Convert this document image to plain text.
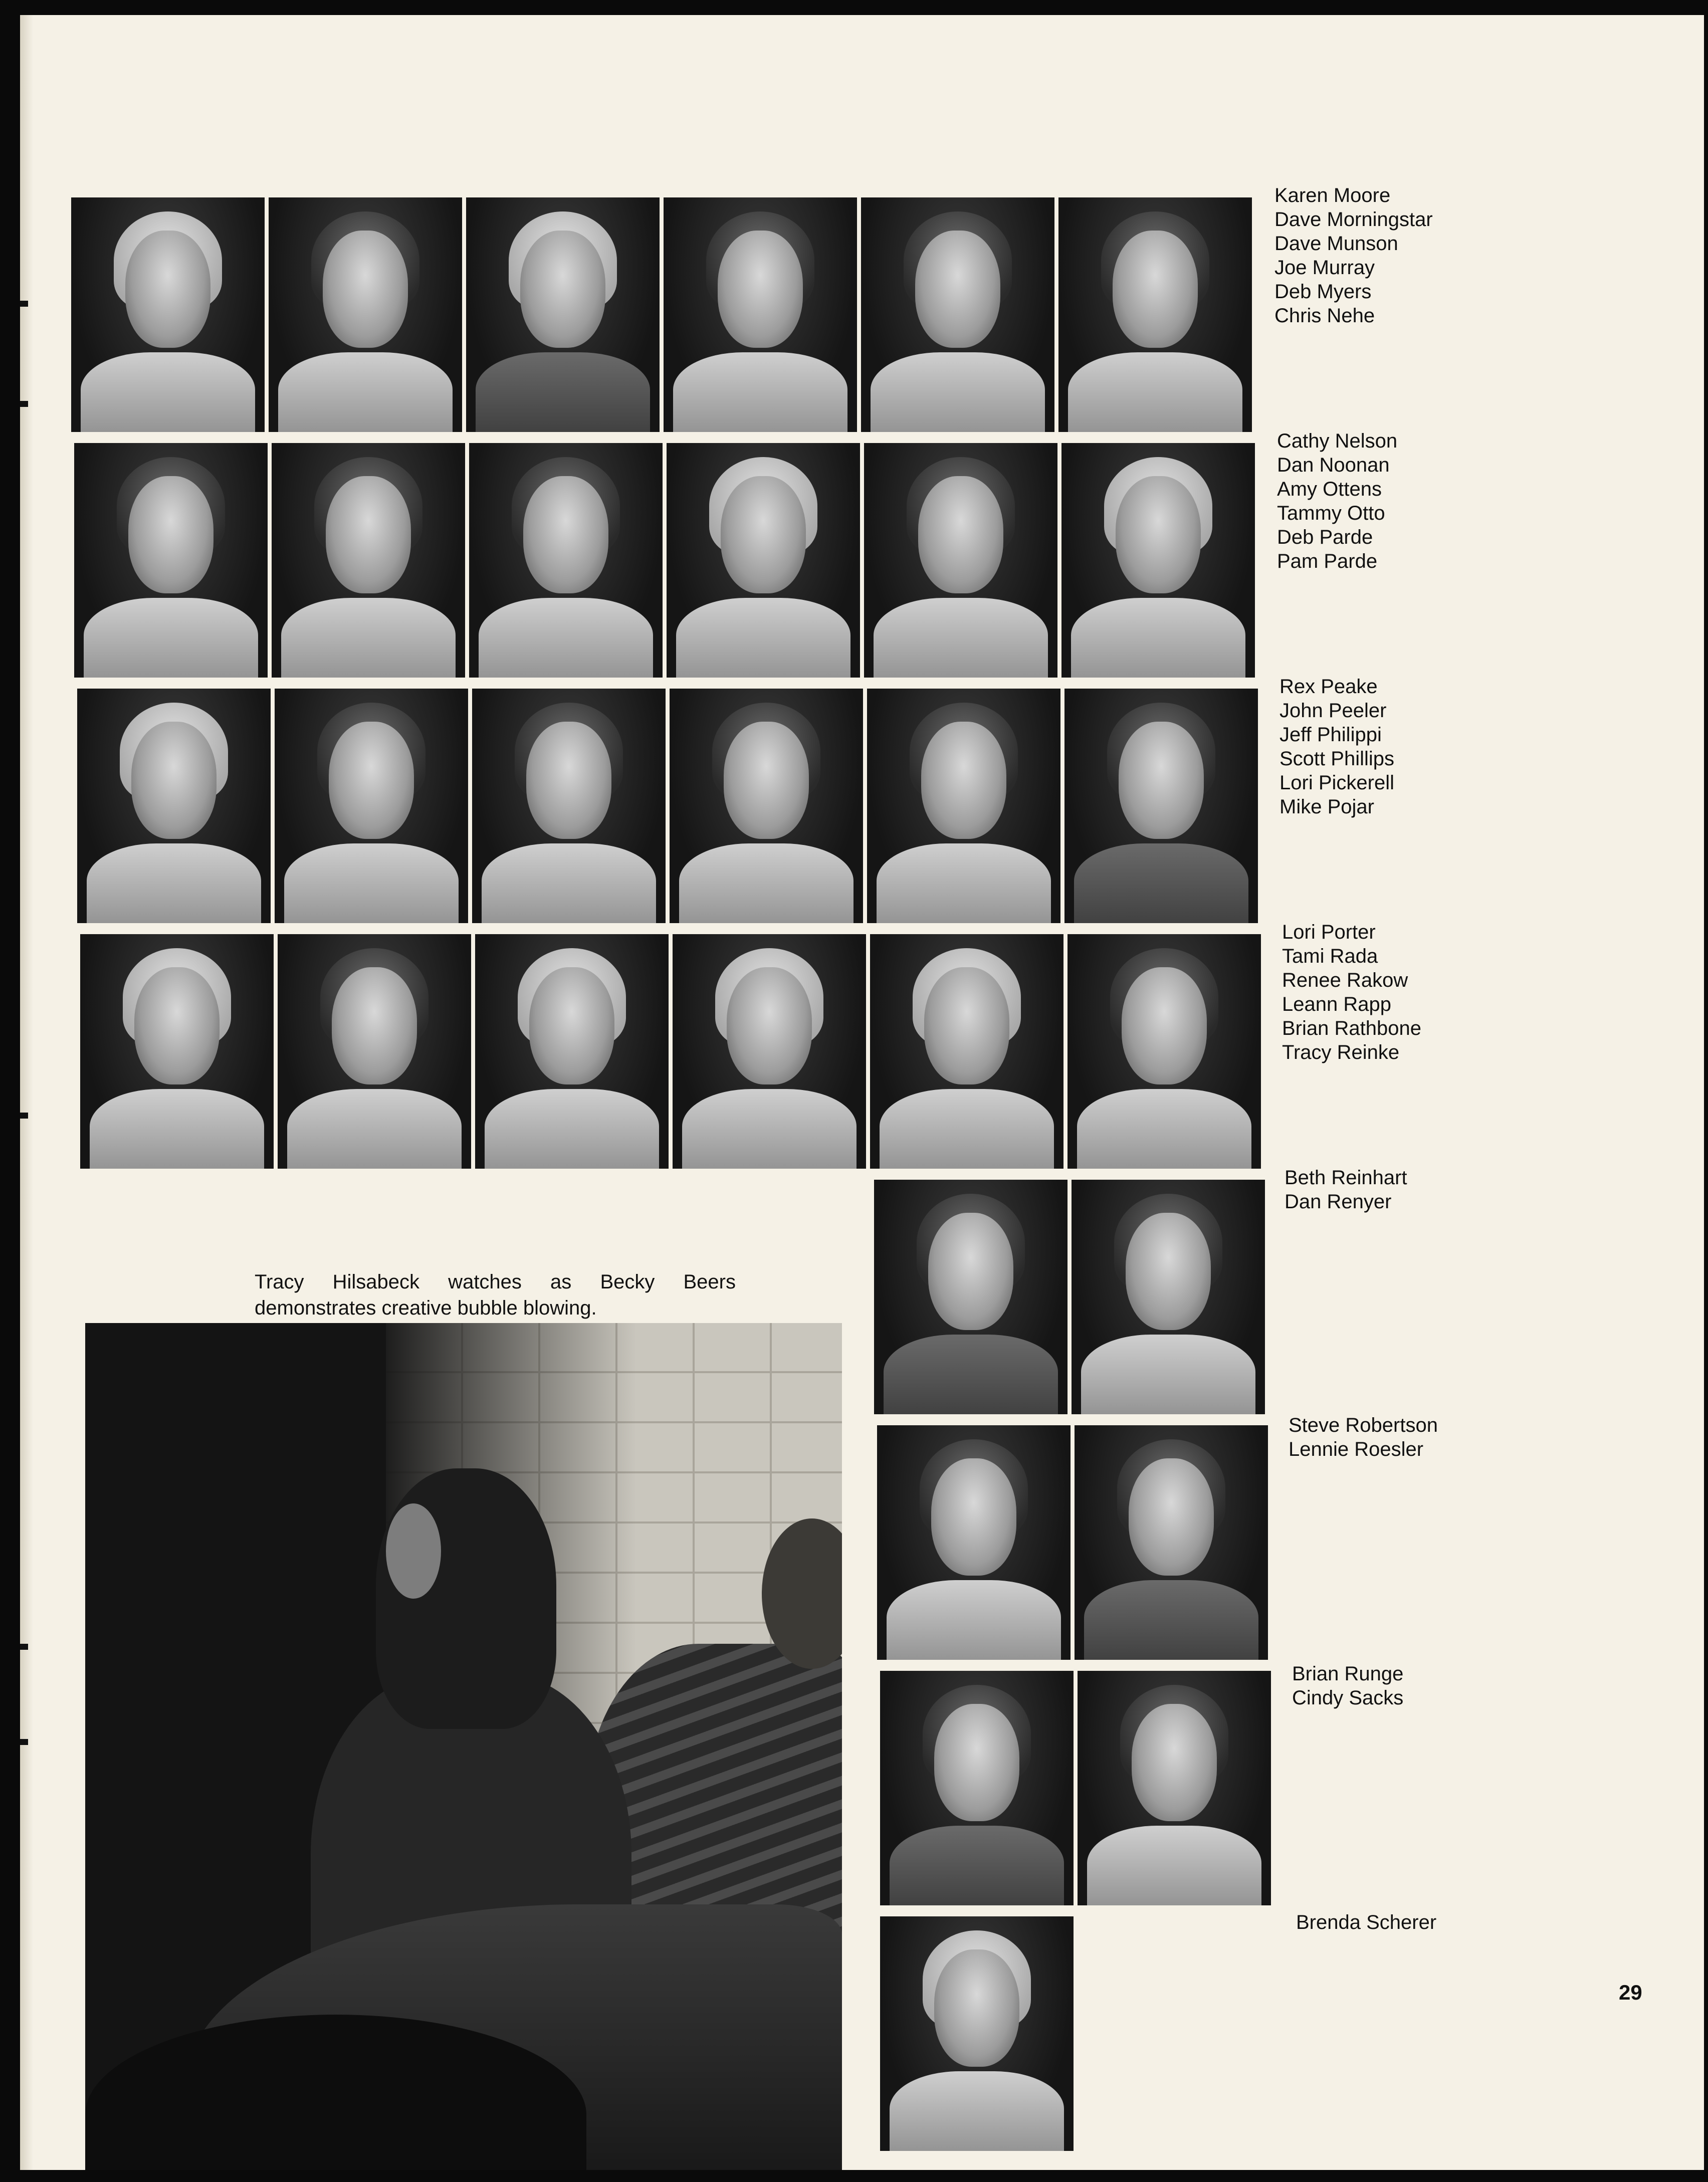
Karen Moore
Dave Morningstar
Dave Munson
Joe Murray
Deb Myers
Chris Nehe
Cathy Nelson
Dan Noonan
Amy Ottens
Tammy Otto
Deb Parde
Pam Parde
Rex Peake
John Peeler
Jeff Philippi
Scott Phillips
Lori Pickerell
Mike Pojar
Lori Porter
Tami Rada
Renee Rakow
Leann Rapp
Brian Rathbone
Tracy Reinke
Beth Reinhart
Dan Renyer
Steve Robertson
Lennie Roesler
Brian Runge
Cindy Sacks
Brenda Scherer

Tracy Hilsabeck watches as Becky Beers demonstrates creative bubble blowing.

29
